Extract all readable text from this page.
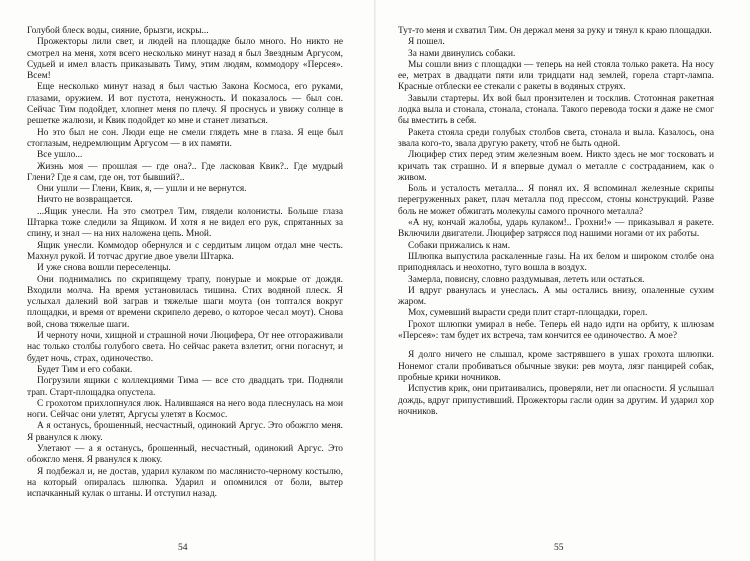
Голубой блеск воды, сияние, брызги, искры...

Прожекторы лили свет, и людей на площадке было много. Но никто не смотрел на меня, хотя всего несколько минут назад я был Звездным Аргусом, Судьей и имел власть приказывать Тиму, этим людям, коммодору «Персея». Всем!

Еще несколько минут назад я был частью Закона Космоса, его руками, глазами, оружием. И вот пустота, ненужность. И показалось — был сон. Сейчас Тим подойдет, хлопнет меня по плечу. Я проснусь и увижу солнце в решетке жалюзи, и Квик подойдет ко мне и станет лизаться.

Но это был не сон. Люди еще не смели глядеть мне в глаза. Я еще был стоглазым, недремлющим Аргусом — в их памяти.

Все ушло...

Жизнь моя — прошлая — где она?.. Где ласковая Квик?.. Где мудрый Глени? Где я сам, где он, тот бывший?..

Они ушли — Глени, Квик, я, — ушли и не вернутся.

Ничто не возвращается.

...Ящик унесли. На это смотрел Тим, глядели колонисты. Больше глаза Штарка тоже следили за Ящиком. И хотя я не видел его рук, спрятанных за спину, и знал — на них наложена цепь. Мной.

Ящик унесли. Коммодор обернулся и с сердитым лицом отдал мне честь. Махнул рукой. И тотчас другие двое увели Штарка.

И уже снова вошли переселенцы.

Они поднимались по скрипящему трапу, понурые и мокрые от дождя. Входили молча. На время установилась тишина. Стих водяной плеск. Я услыхал далекий вой заграв и тяжелые шаги моута (он топтался вокруг площадки, и время от времени скрипело дерево, о которое чесал моут). Снова вой, снова тяжелые шаги.

И черноту ночи, хищной и страшной ночи Люцифера, От нее отгораживали нас только столбы голубого света. Но сейчас ракета взлетит, огни погаснут, и будет ночь, страх, одиночество.

Будет Тим и его собаки.

Погрузили ящики с коллекциями Тима — все сто двадцать три. Подняли трап. Старт-площадка опустела.

С грохотом прихлопнулся люк. Налившаяся на него вода плеснулась на мои ноги. Сейчас они улетят, Аргусы улетят в Космос.

А я останусь, брошенный, несчастный, одинокий Аргус. Это обожгло меня. Я рванулся к люку.

Улетают — а я останусь, брошенный, несчастный, одинокий Аргус. Это обожгло меня. Я рванулся к люку.

Я подбежал и, не достав, ударил кулаком по маслянисто-черному костылю, на который опиралась шлюпка. Ударил и опомнился от боли, вытер испачканный кулак о штаны. И отступил назад.

Тут-то меня и схватил Тим. Он держал меня за руку и тянул к краю площадки.

Я пошел.

За нами двинулись собаки.

Мы сошли вниз с площадки — теперь на ней стояла только ракета. На носу ее, метрах в двадцати пяти или тридцати над землей, горела старт-лампа. Красные отблески ее стекали с ракеты в водяных струях.

Завыли стартеры. Их вой был пронзителен и тосклив. Стотонная ракетная лодка выла и стонала, стонала, стонала. Такого перевода тоски я даже не смог бы вместить в себя.

Ракета стояла среди голубых столбов света, стонала и выла. Казалось, она звала кого-то, звала другую ракету, чтоб не быть одной.

Люцифер стих перед этим железным воем. Никто здесь не мог тосковать и кричать так страшно. И я впервые думал о металле с состраданием, как о живом.

Боль и усталость металла... Я понял их. Я вспоминал железные скрипы перегруженных ракет, плач металла под прессом, стоны конструкций. Разве боль не может обжигать молекулы самого прочного металла?

«А ну, кончай жалобы, ударь кулаком!.. Грохни!» — приказывал я ракете. Включили двигатели. Люцифер затрясся под нашими ногами от их работы.

Собаки прижались к нам.

Шлюпка выпустила раскаленные газы. На их белом и широком столбе она приподнялась и неохотно, туго вошла в воздух.

Замерла, повисну, словно раздумывая, лететь или остаться.

И вдруг рванулась и унеслась. А мы остались внизу, опаленные сухим жаром.

Мох, сумевший вырасти среди плит старт-площадки, горел.

Грохот шлюпки умирал в небе. Теперь ей надо идти на орбиту, к шлюзам «Персея»: там будет их встреча, там кончится ее одиночество. А мое?

Я долго ничего не слышал, кроме застрявшего в ушах грохота шлюпки. Нонемог стали пробиваться обычные звуки: рев моута, лязг панцирей собак, пробные крики ночников.

Испустив крик, они притаивались, проверяли, нет ли опасности. Я услышал дождь, вдруг припустивший. Прожекторы гасли один за другим. И ударил хор ночников.

54	55
